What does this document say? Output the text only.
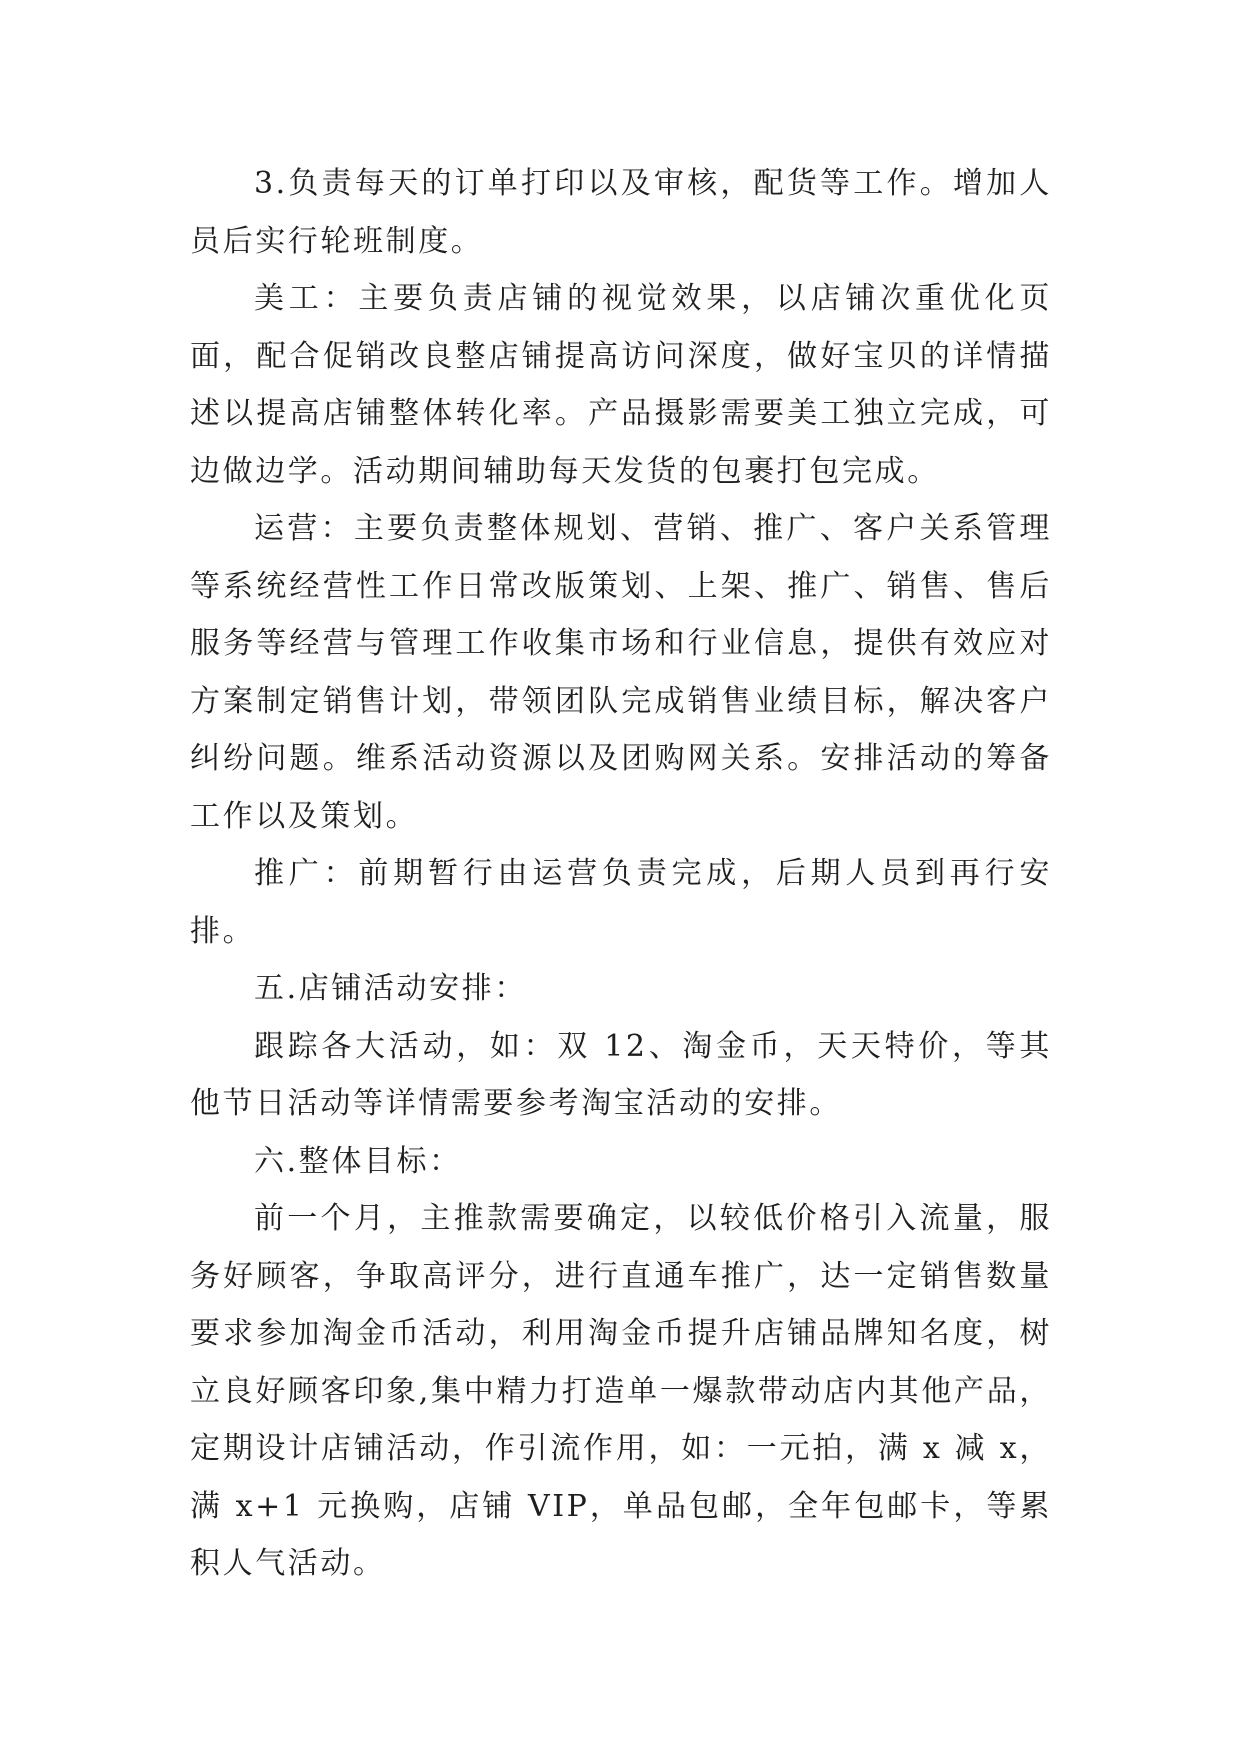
3.负责每天的订单打印以及审核，配货等工作。增加人员后实行轮班制度。

美工：主要负责店铺的视觉效果，以店铺次重优化页面，配合促销改良整店铺提高访问深度，做好宝贝的详情描述以提高店铺整体转化率。产品摄影需要美工独立完成，可边做边学。活动期间辅助每天发货的包裹打包完成。

运营：主要负责整体规划、营销、推广、客户关系管理等系统经营性工作日常改版策划、上架、推广、销售、售后服务等经营与管理工作收集市场和行业信息，提供有效应对方案制定销售计划，带领团队完成销售业绩目标，解决客户纠纷问题。维系活动资源以及团购网关系。安排活动的筹备工作以及策划。

推广：前期暂行由运营负责完成，后期人员到再行安排。

五.店铺活动安排：

跟踪各大活动，如：双 12、淘金币，天天特价，等其他节日活动等详情需要参考淘宝活动的安排。

六.整体目标：

前一个月，主推款需要确定，以较低价格引入流量，服务好顾客，争取高评分，进行直通车推广，达一定销售数量要求参加淘金币活动，利用淘金币提升店铺品牌知名度，树立良好顾客印象,集中精力打造单一爆款带动店内其他产品，定期设计店铺活动，作引流作用，如：一元拍，满 x 减 x，满 x+1 元换购，店铺 VIP，单品包邮，全年包邮卡，等累积人气活动。
